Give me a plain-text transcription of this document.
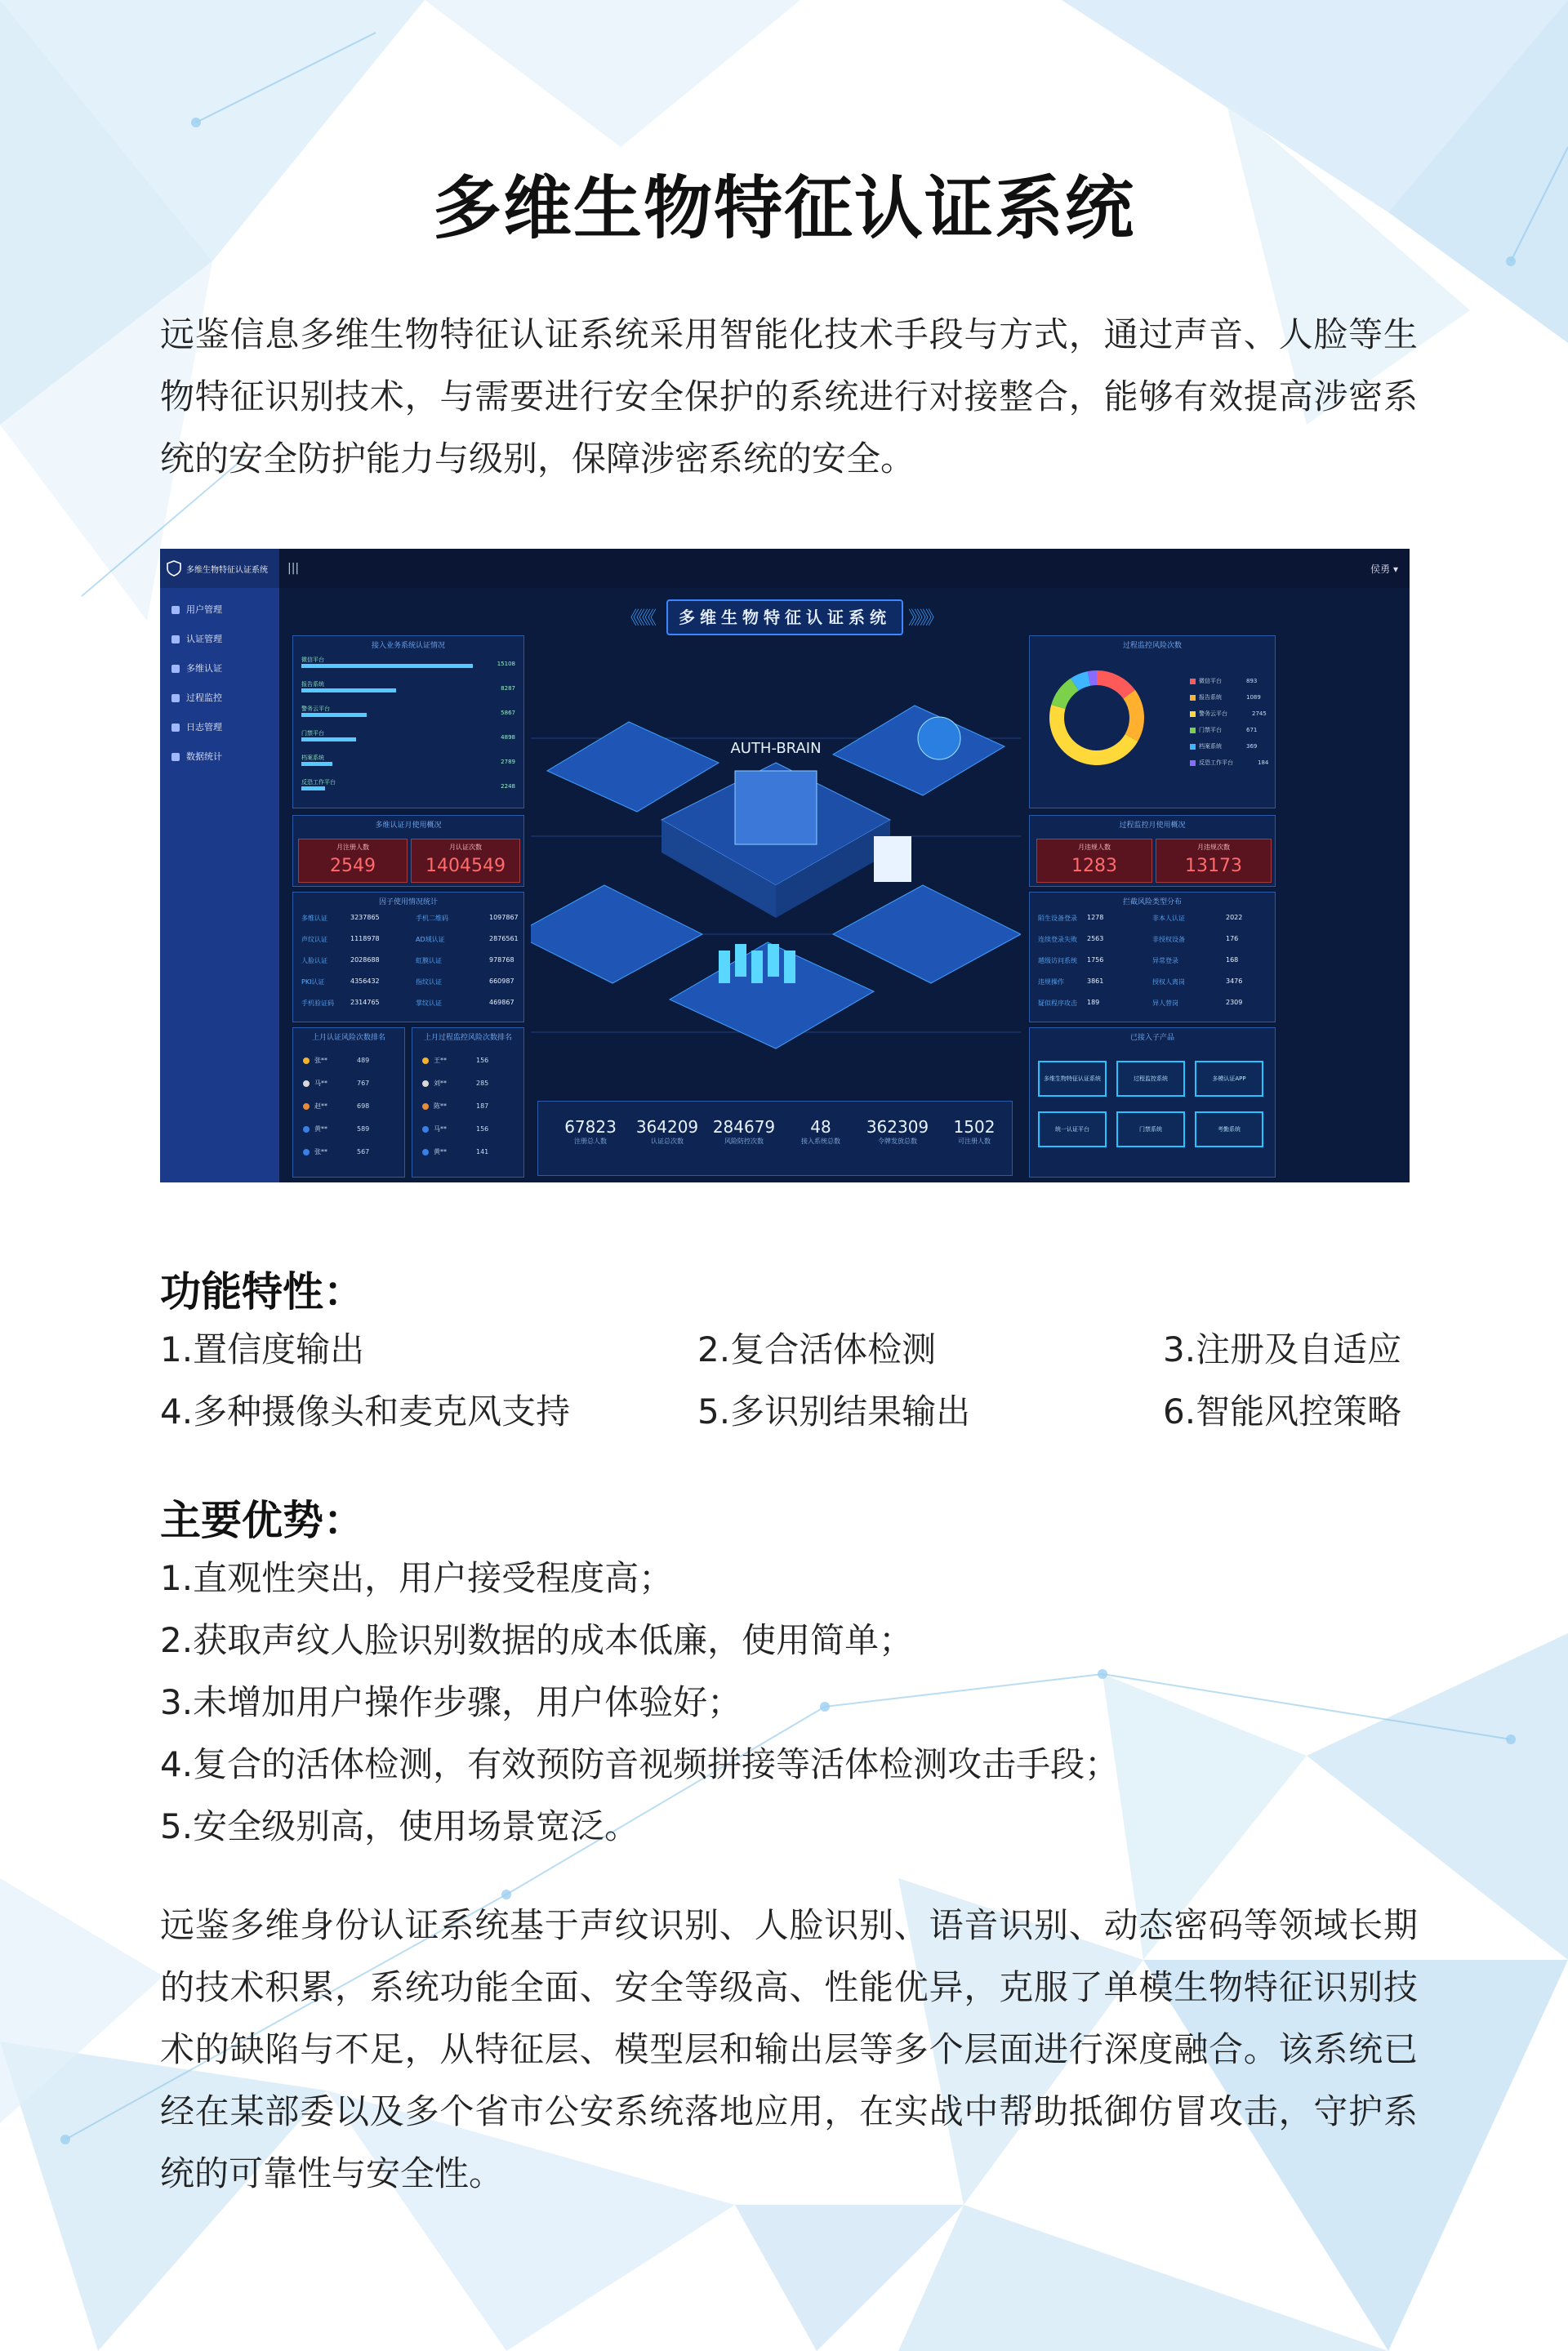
多维生物特征认证系统
远鉴信息多维生物特征认证系统采用智能化技术手段与方式，通过声音、人脸等生物特征识别技术，与需要进行安全保护的系统进行对接整合，能够有效提高涉密系统的安全防护能力与级别，保障涉密系统的安全。
多维生物特征认证系统
用户管理
认证管理
多维认证
过程监控
日志管理
数据统计
|||	侯勇 ▾
《《《《	多维生物特征认证系统 》》》》
接入业务系统认证情况
微信平台
15108
报告系统
8287
警务云平台
5867
门禁平台
4898
档案系统
2789
反恐工作平台
2248
多维认证月使用概况
月注册人数
2549
月认证次数
1404549
因子使用情况统计
多维认证	3237865	手机二维码	1097867
声纹认证	1118978	AD域认证	2876561
人脸认证	2028688	虹膜认证	978768
PKI认证	4356432	指纹认证	660987
手机验证码	2314765	掌纹认证	469867
上月认证风险次数排名
张**	489
马**	767
赵**	698
黄**	589
张**	567
上月过程监控风险次数排名
王**	156
刘**	285
陈**	187
马**	156
黄**	141
AUTH-BRAIN
67823
注册总人数
364209
认证总次数
284679
风险防控次数
48
接入系统总数
362309
令牌发放总数
1502
可注册人数
过程监控风险次数
微信平台	893
报告系统	1089
警务云平台	2745
门禁平台	671
档案系统	369
反恐工作平台	184
过程监控月使用概况
月违规人数
1283
月违规次数
13173
拦截风险类型分布
陌生设备登录 1278	非本人认证	2022
连续登录失败 2563	非授权设备	176
越级访问系统 1756	异常登录	168
违规操作	3861	授权人离岗	3476
疑似程序攻击 189	异人替岗	2309
已接入子产品
多维生物特征认证系统	过程监控系统	多模认证APP
统一认证平台	门禁系统	考勤系统
功能特性：
1.置信度输出	2.复合活体检测	3.注册及自适应
4.多种摄像头和麦克风支持	5.多识别结果输出	6.智能风控策略
主要优势：
1.直观性突出，用户接受程度高；
2.获取声纹人脸识别数据的成本低廉，使用简单；
3.未增加用户操作步骤，用户体验好；
4.复合的活体检测，有效预防音视频拼接等活体检测攻击手段；
5.安全级别高，使用场景宽泛。
远鉴多维身份认证系统基于声纹识别、人脸识别、语音识别、动态密码等领域长期的技术积累，系统功能全面、安全等级高、性能优异，克服了单模生物特征识别技术的缺陷与不足，从特征层、模型层和输出层等多个层面进行深度融合。该系统已经在某部委以及多个省市公安系统落地应用，在实战中帮助抵御仿冒攻击，守护系统的可靠性与安全性。
